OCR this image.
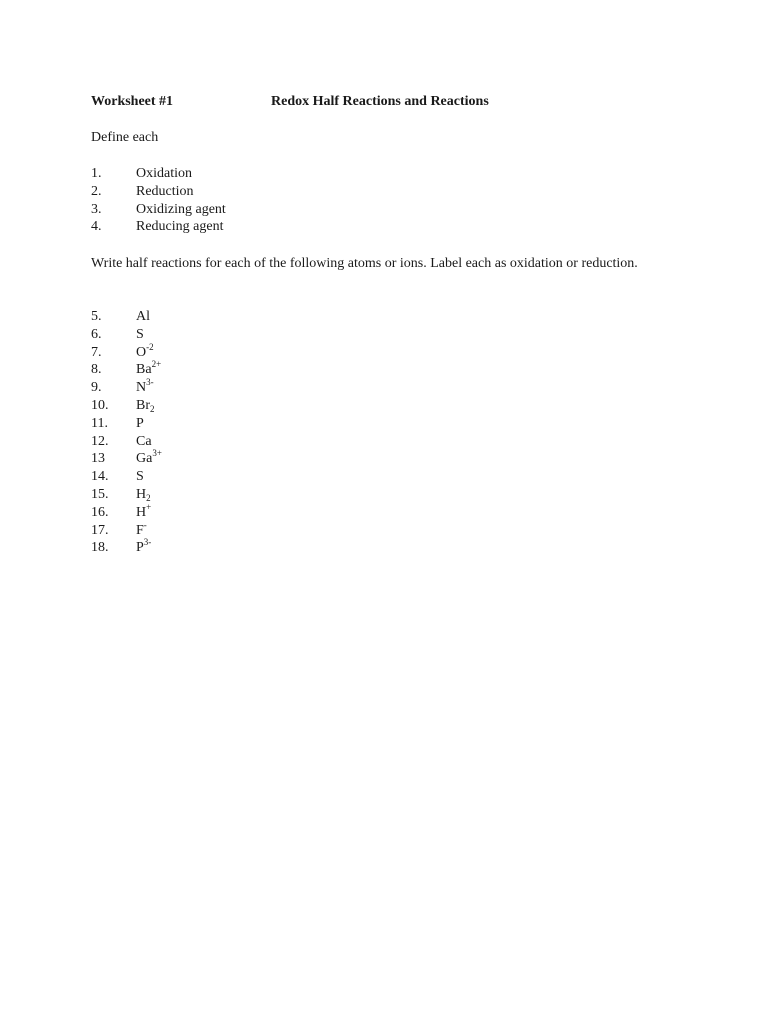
Worksheet #1	Redox Half Reactions and Reactions
Define each
1. Oxidation
2. Reduction
3. Oxidizing agent
4. Reducing agent
Write half reactions for each of the following atoms or ions. Label each as oxidation or reduction.
5. Al
6. S
7. $O^{-2}$
8. $Ba^{2+}$
9. $N^{3-}$
10. $Br_2$
11. P
12. Ca
13 $Ga^{3+}$
14. S
15. $H_2$
16. H+
17. F-
18. $P^{3-}$
